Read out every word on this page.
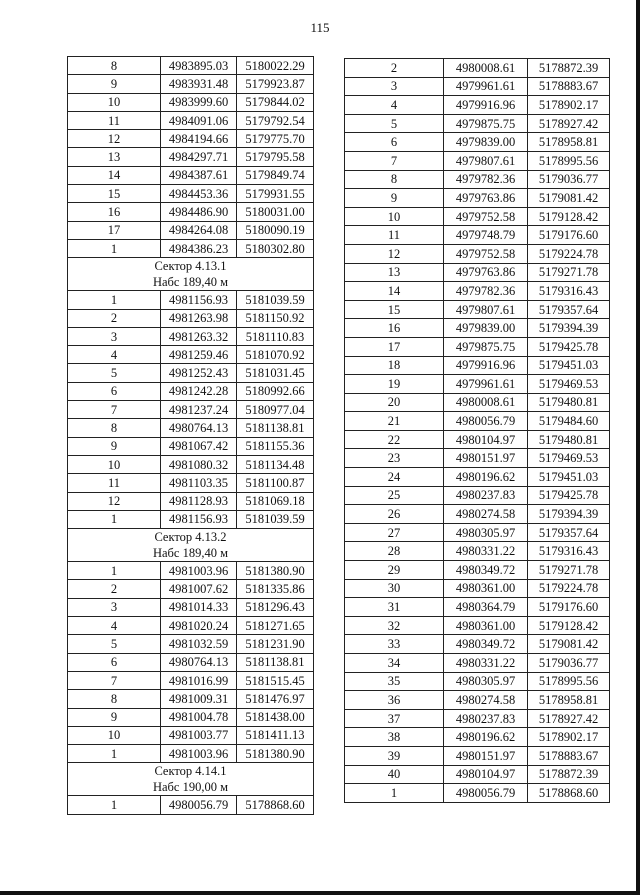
115
8	4983895.03	5180022.29
9	4983931.48	5179923.87
10	4983999.60	5179844.02
11	4984091.06	5179792.54
12	4984194.66	5179775.70
13	4984297.71	5179795.58
14	4984387.61	5179849.74
15	4984453.36	5179931.55
16	4984486.90	5180031.00
17	4984264.08	5180090.19
1	4984386.23	5180302.80

Сектор 4.13.1
Набс 189,40 м		

1	4981156.93	5181039.59
2	4981263.98	5181150.92
3	4981263.32	5181110.83
4	4981259.46	5181070.92
5	4981252.43	5181031.45
6	4981242.28	5180992.66
7	4981237.24	5180977.04
8	4980764.13	5181138.81
9	4981067.42	5181155.36
10	4981080.32	5181134.48
11	4981103.35	5181100.87
12	4981128.93	5181069.18
1	4981156.93	5181039.59

Сектор 4.13.2
Набс 189,40 м		

1	4981003.96	5181380.90
2	4981007.62	5181335.86
3	4981014.33	5181296.43
4	4981020.24	5181271.65
5	4981032.59	5181231.90
6	4980764.13	5181138.81
7	4981016.99	5181515.45
8	4981009.31	5181476.97
9	4981004.78	5181438.00
10	4981003.77	5181411.13
1	4981003.96	5181380.90

Сектор 4.14.1
Набс 190,00 м		

1	4980056.79	5178868.60
2	4980008.61	5178872.39
3	4979961.61	5178883.67
4	4979916.96	5178902.17
5	4979875.75	5178927.42
6	4979839.00	5178958.81
7	4979807.61	5178995.56
8	4979782.36	5179036.77
9	4979763.86	5179081.42
10	4979752.58	5179128.42
11	4979748.79	5179176.60
12	4979752.58	5179224.78
13	4979763.86	5179271.78
14	4979782.36	5179316.43
15	4979807.61	5179357.64
16	4979839.00	5179394.39
17	4979875.75	5179425.78
18	4979916.96	5179451.03
19	4979961.61	5179469.53
20	4980008.61	5179480.81
21	4980056.79	5179484.60
22	4980104.97	5179480.81
23	4980151.97	5179469.53
24	4980196.62	5179451.03
25	4980237.83	5179425.78
26	4980274.58	5179394.39
27	4980305.97	5179357.64
28	4980331.22	5179316.43
29	4980349.72	5179271.78
30	4980361.00	5179224.78
31	4980364.79	5179176.60
32	4980361.00	5179128.42
33	4980349.72	5179081.42
34	4980331.22	5179036.77
35	4980305.97	5178995.56
36	4980274.58	5178958.81
37	4980237.83	5178927.42
38	4980196.62	5178902.17
39	4980151.97	5178883.67
40	4980104.97	5178872.39
1	4980056.79	5178868.60
